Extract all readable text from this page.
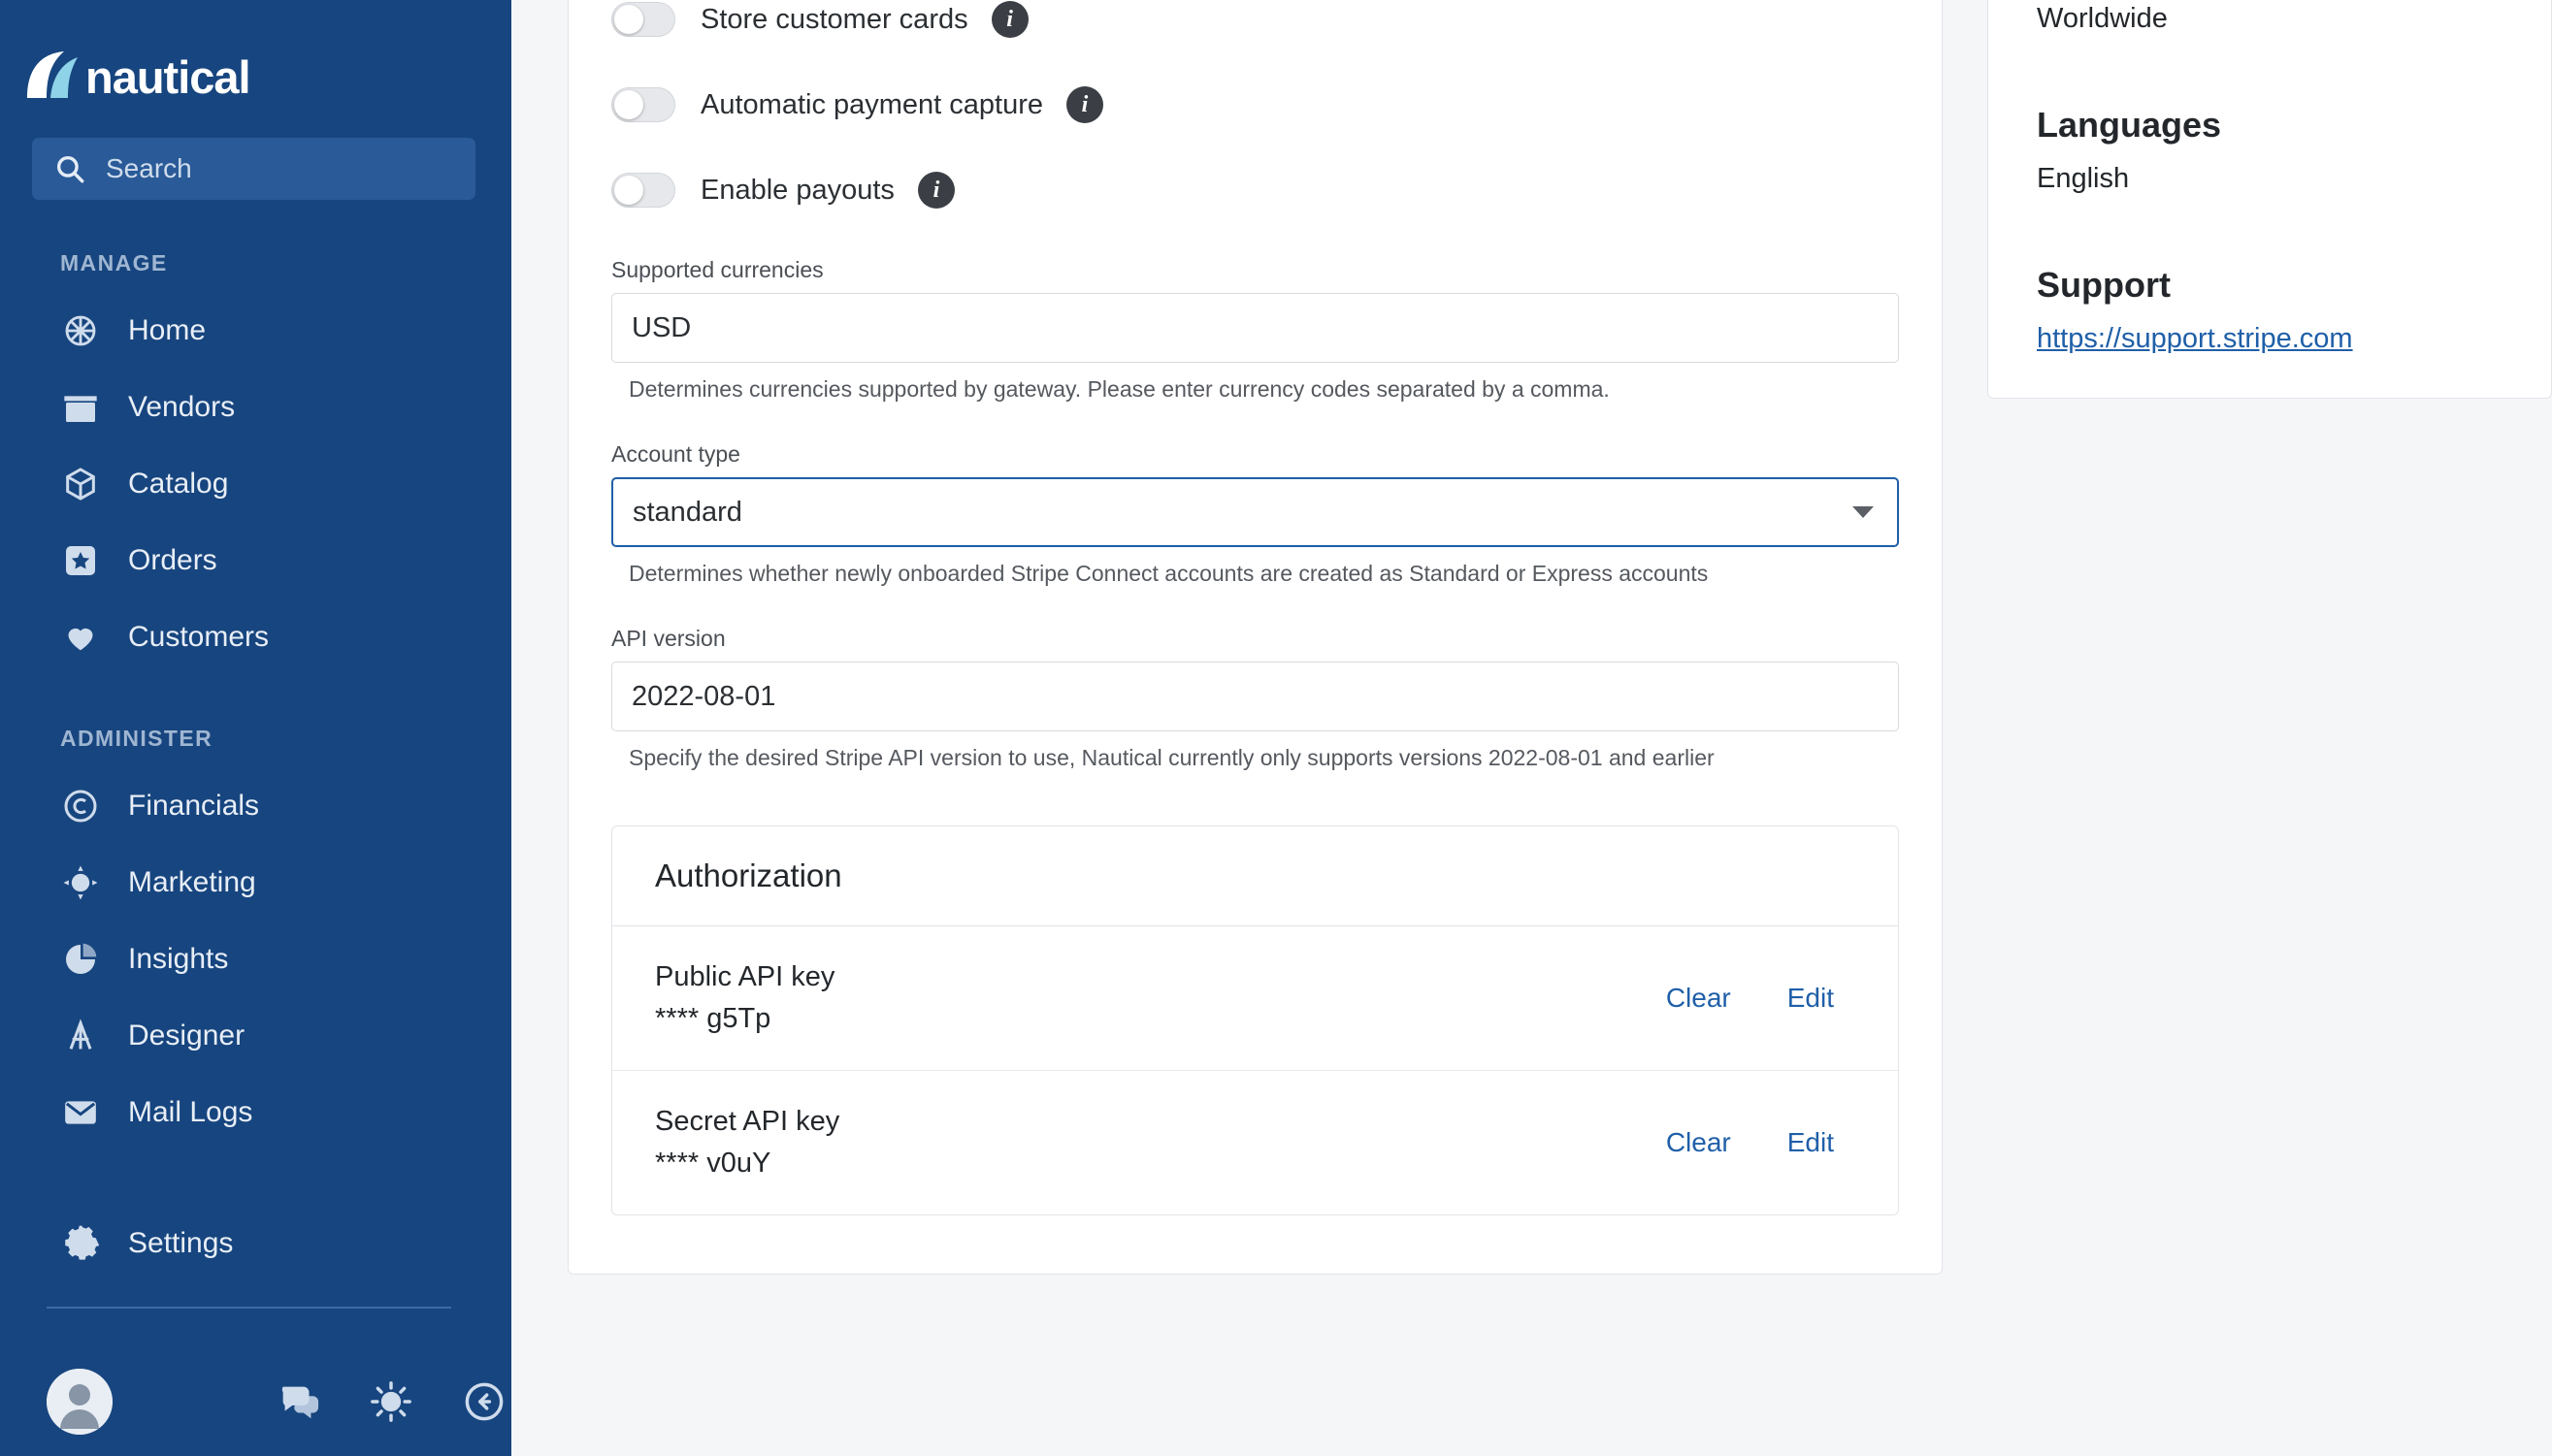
nautical
Search
MANAGE
Home
Vendors
Catalog
Orders
Customers
ADMINISTER
Financials
Marketing
Insights
Designer
Mail Logs
Settings
Store customer cards	i
Automatic payment capture	i
Enable payouts	i
Supported currencies
USD
Determines currencies supported by gateway. Please enter currency codes separated by a comma.
Account type
standard
Determines whether newly onboarded Stripe Connect accounts are created as Standard or Express accounts
API version
2022-08-01
Specify the desired Stripe API version to use, Nautical currently only supports versions 2022-08-01 and earlier
Authorization
Public API key
**** g5Tp
Clear Edit
Secret API key
**** v0uY
Clear Edit
Worldwide
Languages
English
Support
https://support.stripe.com
